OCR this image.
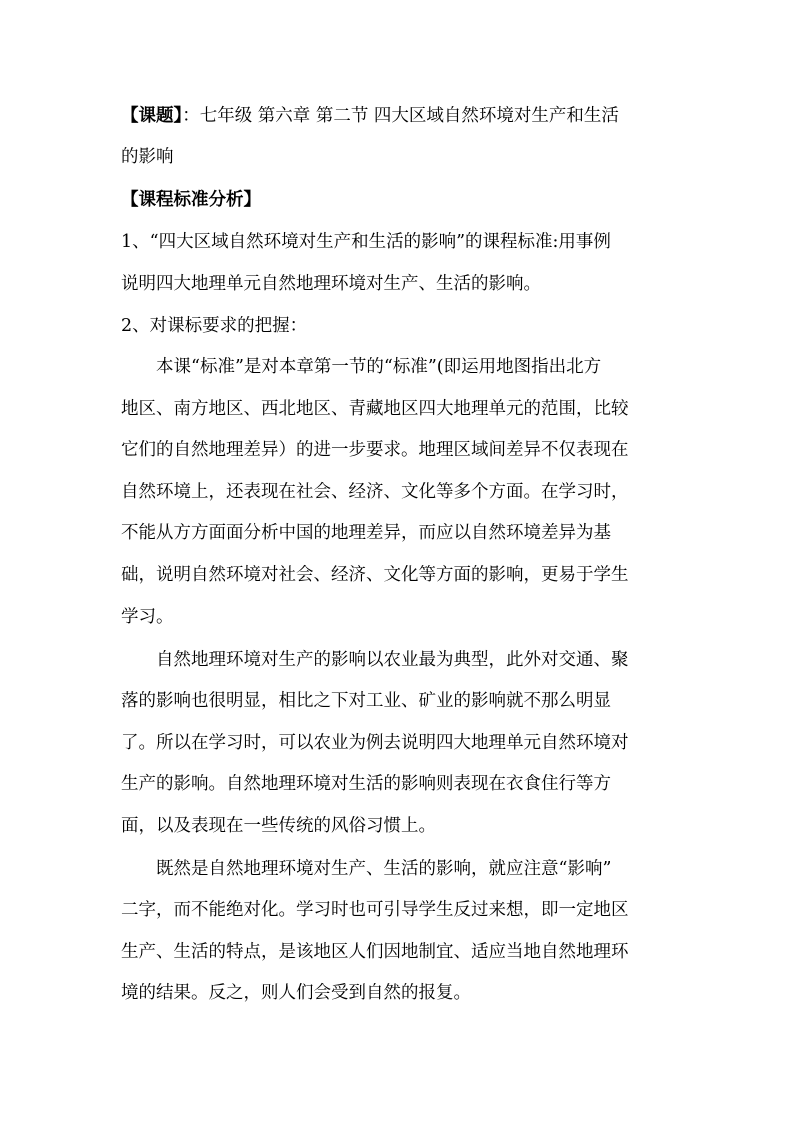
【课题】：七年级 第六章 第二节 四大区域自然环境对生产和生活
的影响
【课程标准分析】
1、“四大区域自然环境对生产和生活的影响”的课程标准:用事例
说明四大地理单元自然地理环境对生产、生活的影响。
2、对课标要求的把握：
本课“标准”是对本章第一节的“标准”(即运用地图指出北方
地区、南方地区、西北地区、青藏地区四大地理单元的范围，比较
它们的自然地理差异）的进一步要求。地理区域间差异不仅表现在
自然环境上，还表现在社会、经济、文化等多个方面。在学习时，
不能从方方面面分析中国的地理差异，而应以自然环境差异为基
础，说明自然环境对社会、经济、文化等方面的影响，更易于学生
学习。
自然地理环境对生产的影响以农业最为典型，此外对交通、聚
落的影响也很明显，相比之下对工业、矿业的影响就不那么明显
了。所以在学习时，可以农业为例去说明四大地理单元自然环境对
生产的影响。自然地理环境对生活的影响则表现在衣食住行等方
面，以及表现在一些传统的风俗习惯上。
既然是自然地理环境对生产、生活的影响，就应注意“影响”
二字，而不能绝对化。学习时也可引导学生反过来想，即一定地区
生产、生活的特点，是该地区人们因地制宜、适应当地自然地理环
境的结果。反之，则人们会受到自然的报复。
